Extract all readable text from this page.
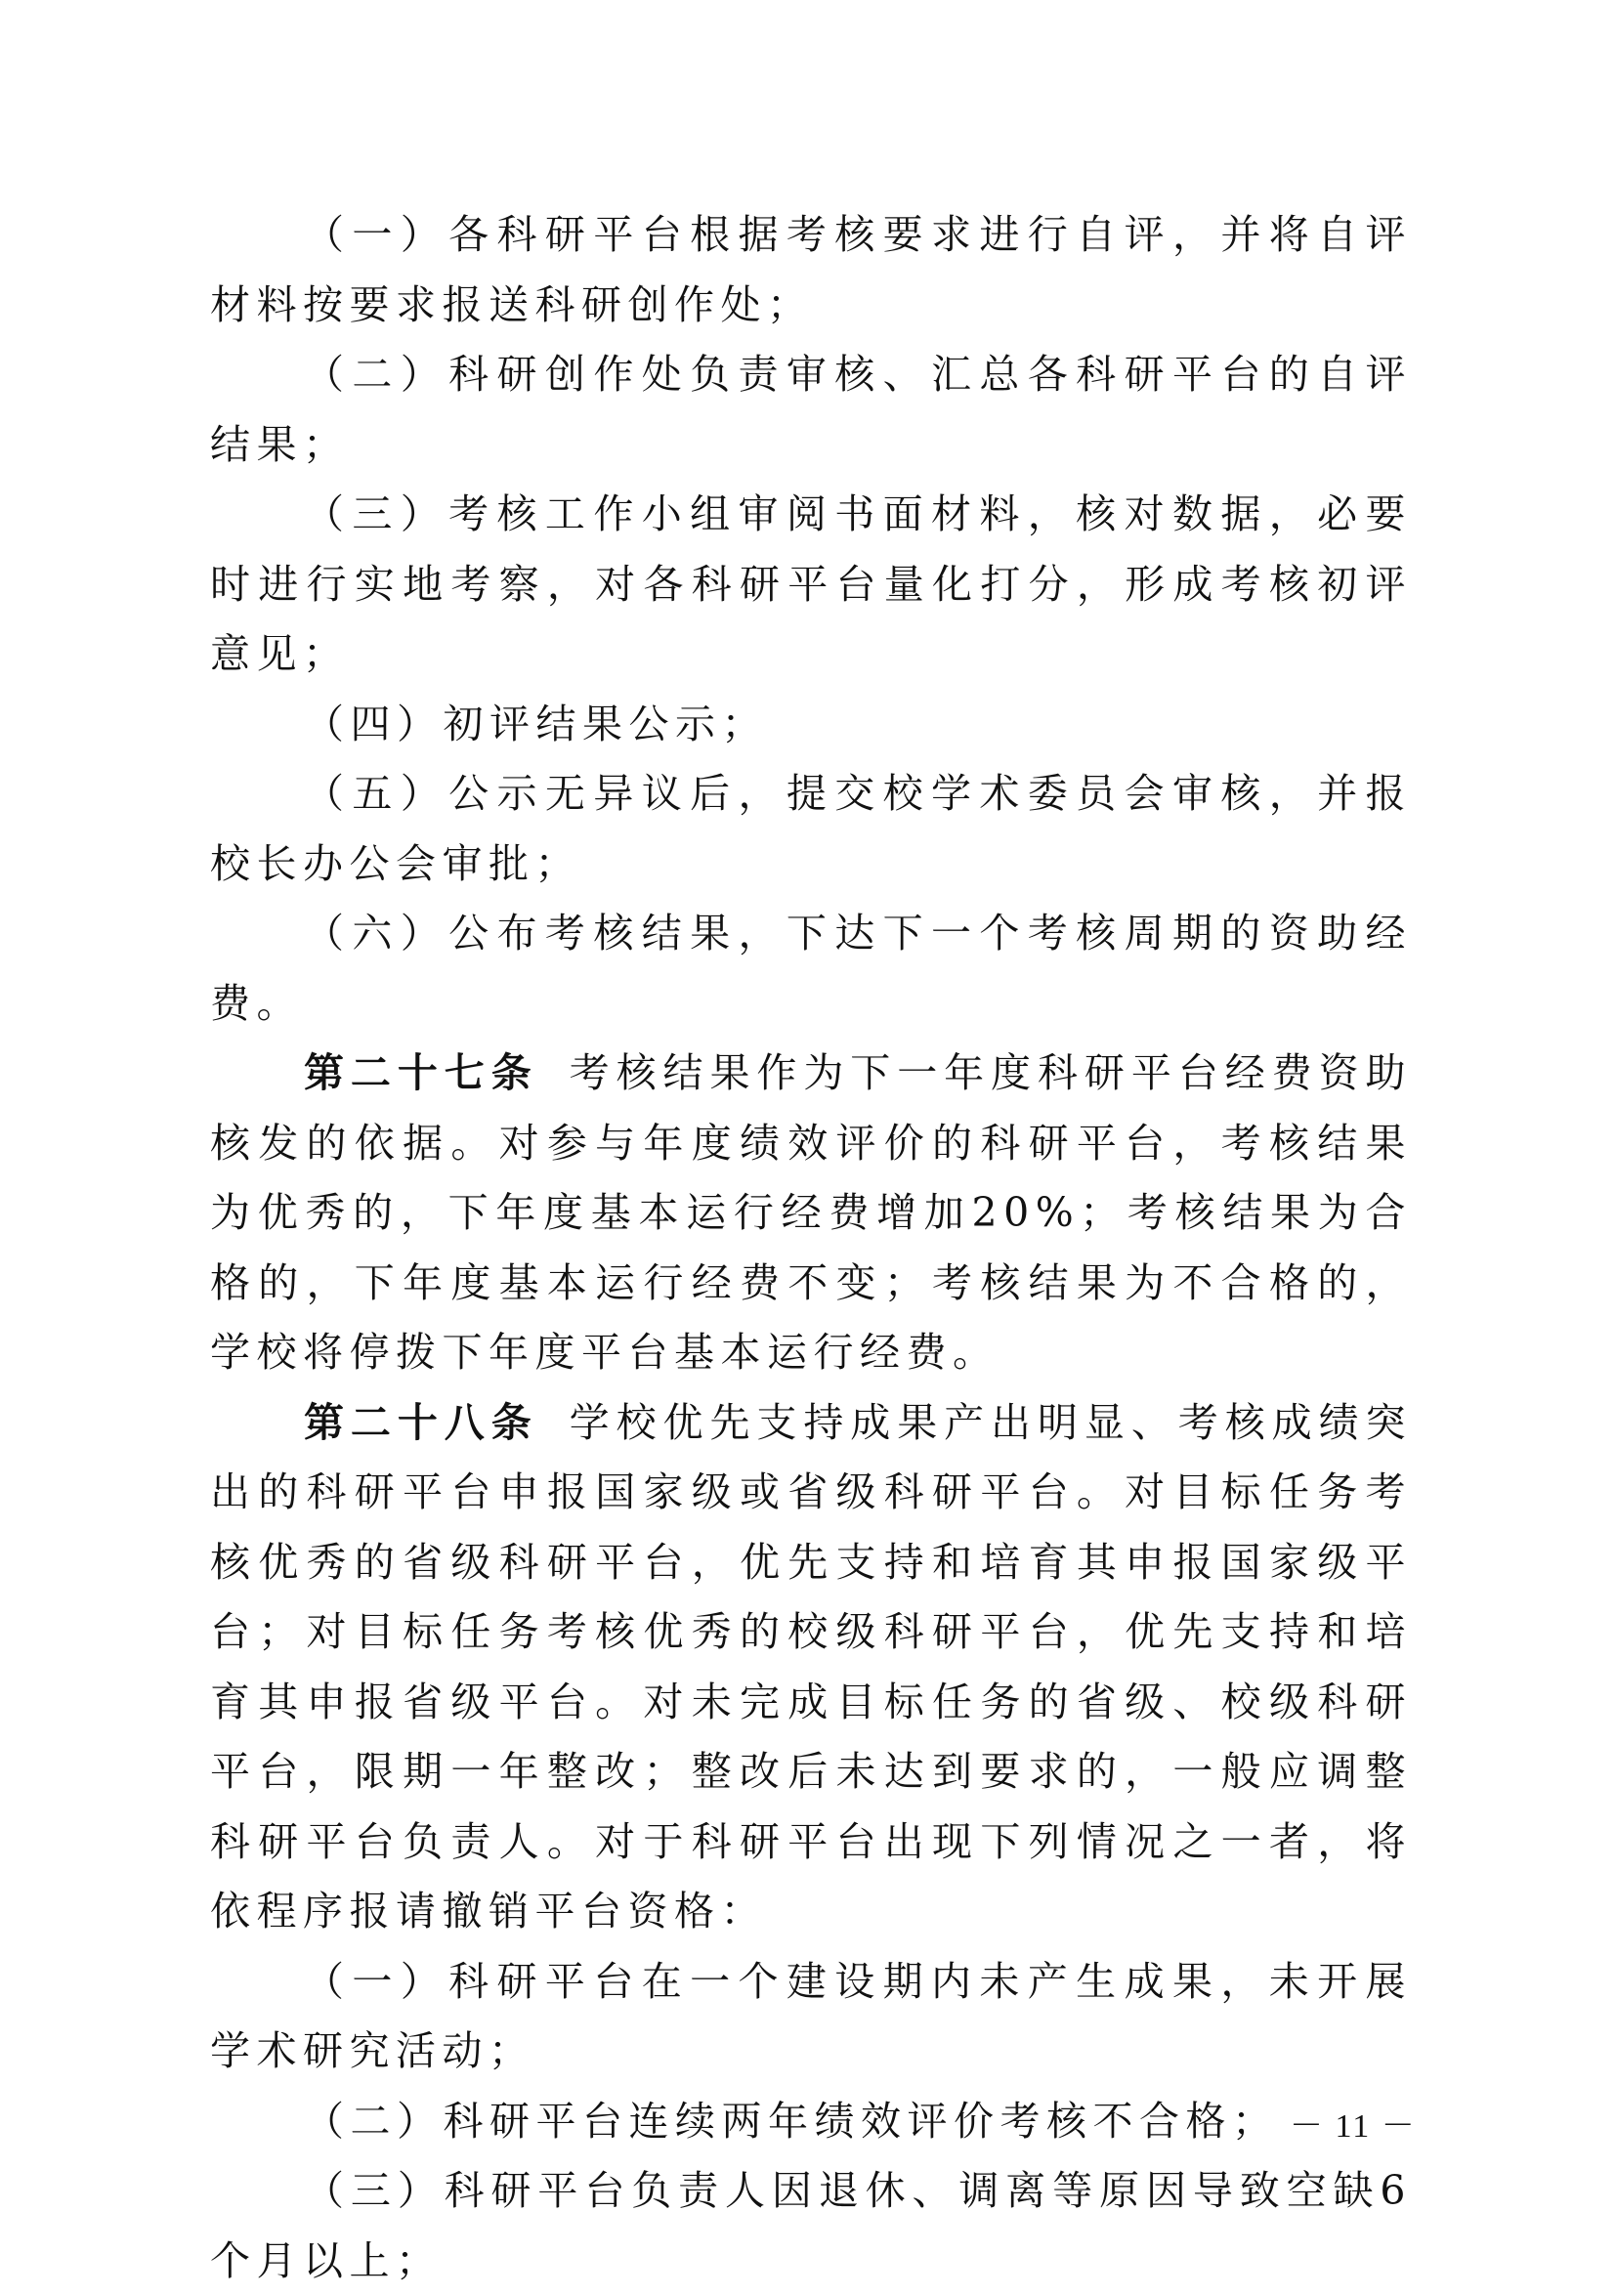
（一）各科研平台根据考核要求进行自评，并将自评材料按要求报送科研创作处；

（二）科研创作处负责审核、汇总各科研平台的自评结果；

（三）考核工作小组审阅书面材料，核对数据，必要时进行实地考察，对各科研平台量化打分，形成考核初评意见；

（四）初评结果公示；

（五）公示无异议后，提交校学术委员会审核，并报校长办公会审批；

（六）公布考核结果，下达下一个考核周期的资助经费。

第二十七条 考核结果作为下一年度科研平台经费资助核发的依据。对参与年度绩效评价的科研平台，考核结果为优秀的，下年度基本运行经费增加20%；考核结果为合格的，下年度基本运行经费不变；考核结果为不合格的，学校将停拨下年度平台基本运行经费。

第二十八条 学校优先支持成果产出明显、考核成绩突出的科研平台申报国家级或省级科研平台。对目标任务考核优秀的省级科研平台，优先支持和培育其申报国家级平台；对目标任务考核优秀的校级科研平台，优先支持和培育其申报省级平台。对未完成目标任务的省级、校级科研平台，限期一年整改；整改后未达到要求的，一般应调整科研平台负责人。对于科研平台出现下列情况之一者，将依程序报请撤销平台资格：

（一）科研平台在一个建设期内未产生成果，未开展学术研究活动；

（二）科研平台连续两年绩效评价考核不合格；

（三）科研平台负责人因退休、调离等原因导致空缺6个月以上；

－ 11 －
